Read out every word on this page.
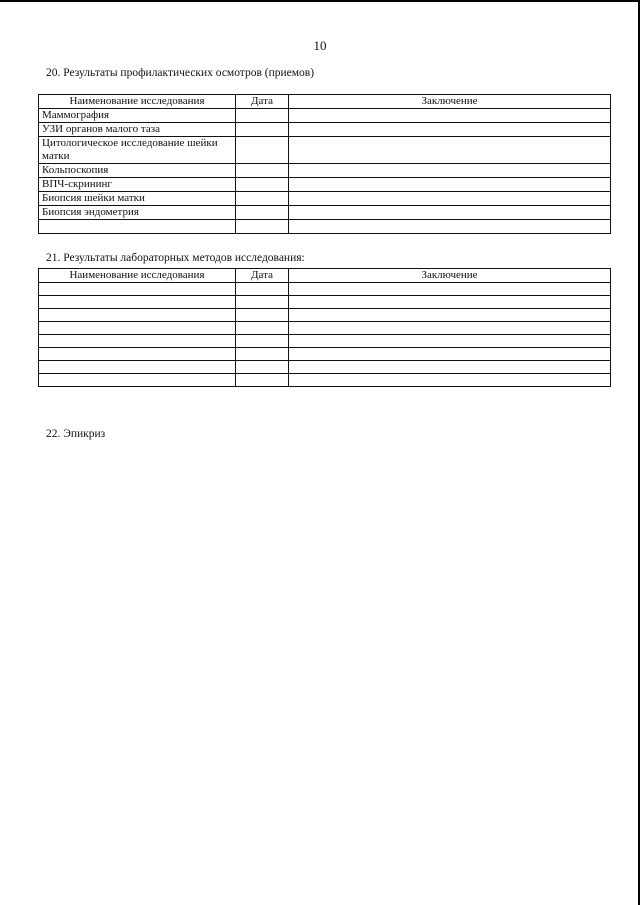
10
20. Результаты профилактических осмотров (приемов)
Наименование исследования	Дата	Заключение
Маммография		
УЗИ органов малого таза		
Цитологическое исследование шейки матки		
Кольпоскопия		
ВПЧ-скрининг		
Биопсия шейки матки		
Биопсия эндометрия		

21. Результаты лабораторных методов исследования:
Наименование исследования	Дата	Заключение

22. Эпикриз
